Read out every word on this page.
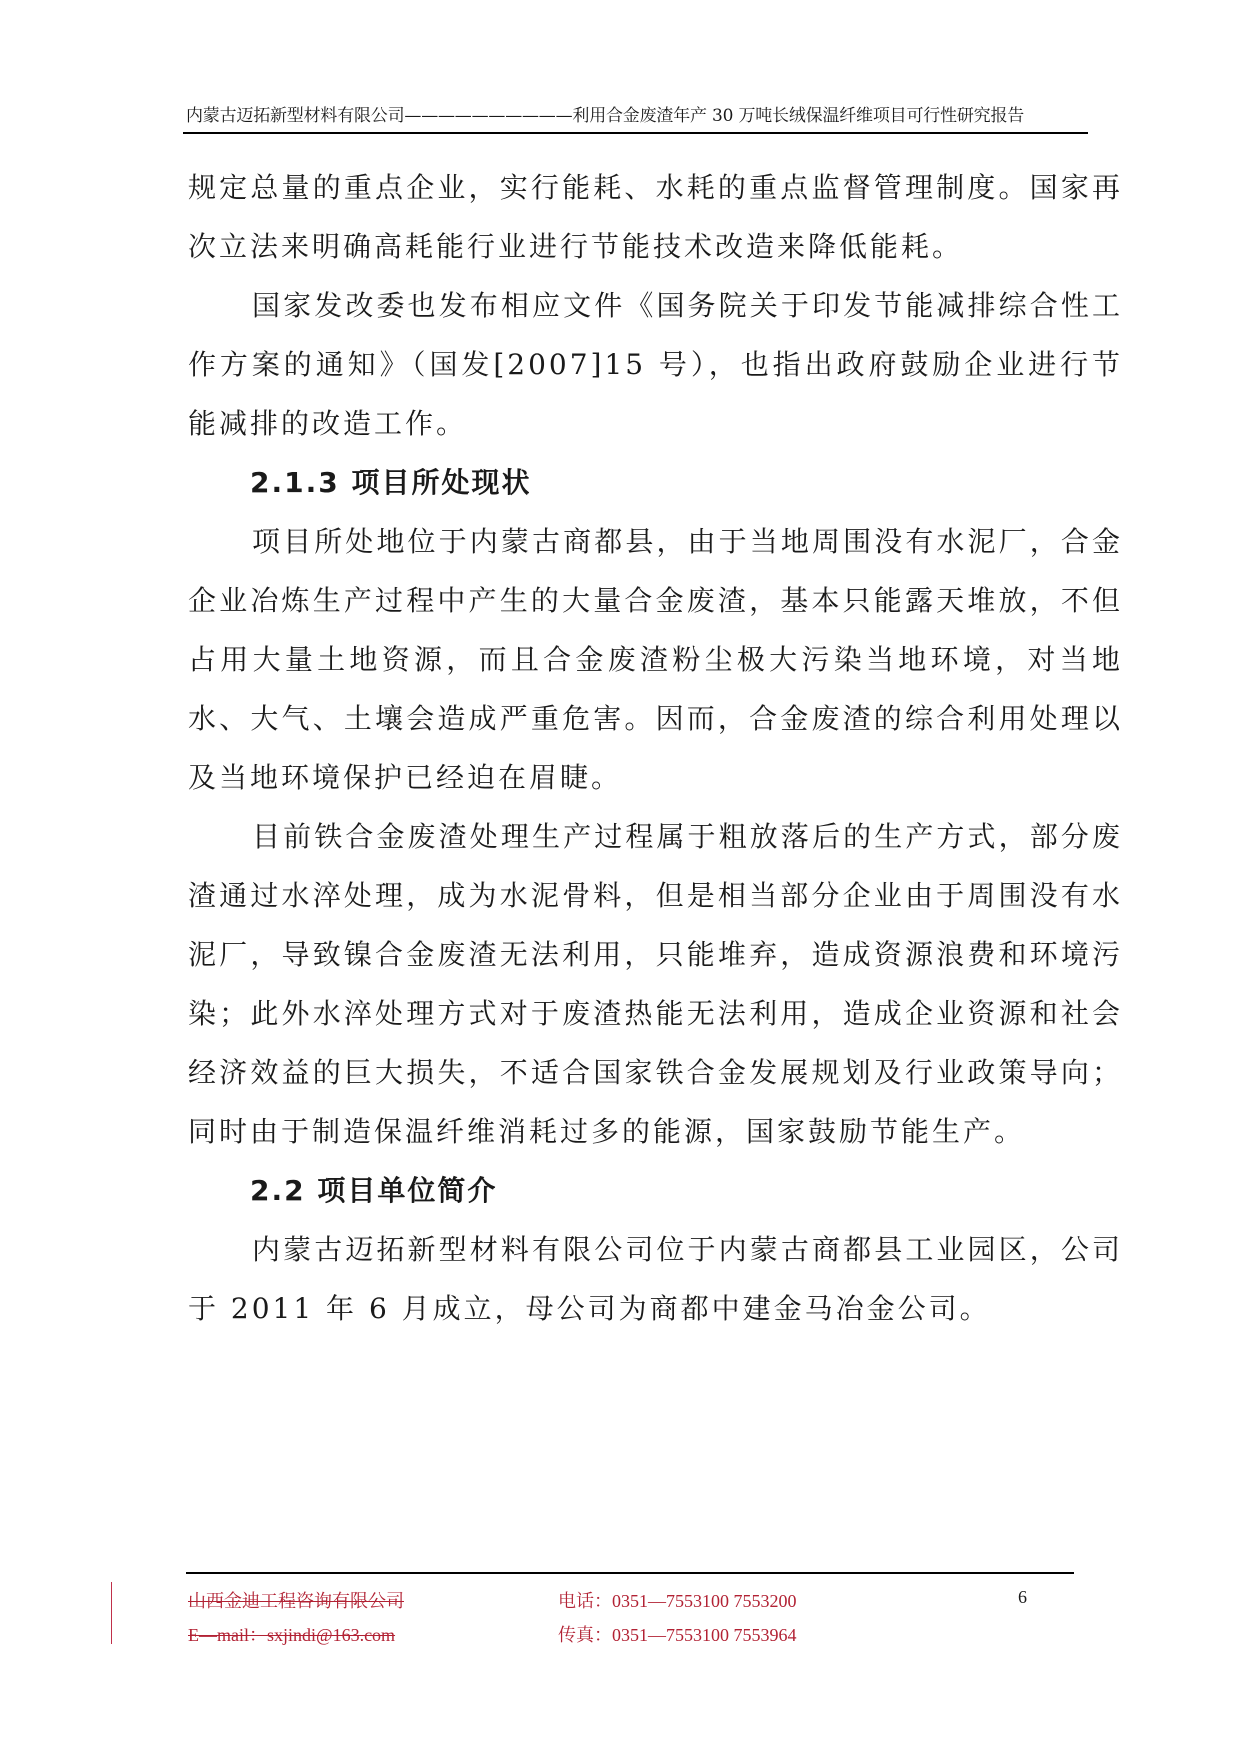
内蒙古迈拓新型材料有限公司——————————利用合金废渣年产 30 万吨长绒保温纤维项目可行性研究报告

规定总量的重点企业，实行能耗、水耗的重点监督管理制度。国家再次立法来明确高耗能行业进行节能技术改造来降低能耗。

国家发改委也发布相应文件《国务院关于印发节能减排综合性工作方案的通知》（国发[2007]15 号），也指出政府鼓励企业进行节能减排的改造工作。

2.1.3 项目所处现状

项目所处地位于内蒙古商都县，由于当地周围没有水泥厂，合金企业冶炼生产过程中产生的大量合金废渣，基本只能露天堆放，不但占用大量土地资源，而且合金废渣粉尘极大污染当地环境，对当地水、大气、土壤会造成严重危害。因而，合金废渣的综合利用处理以及当地环境保护已经迫在眉睫。

目前铁合金废渣处理生产过程属于粗放落后的生产方式，部分废渣通过水淬处理，成为水泥骨料，但是相当部分企业由于周围没有水泥厂，导致镍合金废渣无法利用，只能堆弃，造成资源浪费和环境污染；此外水淬处理方式对于废渣热能无法利用，造成企业资源和社会经济效益的巨大损失，不适合国家铁合金发展规划及行业政策导向；同时由于制造保温纤维消耗过多的能源，国家鼓励节能生产。

2.2 项目单位简介

内蒙古迈拓新型材料有限公司位于内蒙古商都县工业园区，公司于 2011 年 6 月成立，母公司为商都中建金马冶金公司。

山西金迪工程咨询有限公司	电话：0351—7553100 7553200
E—mail：sxjindi@163.com	传真：0351—7553100 7553964
6
